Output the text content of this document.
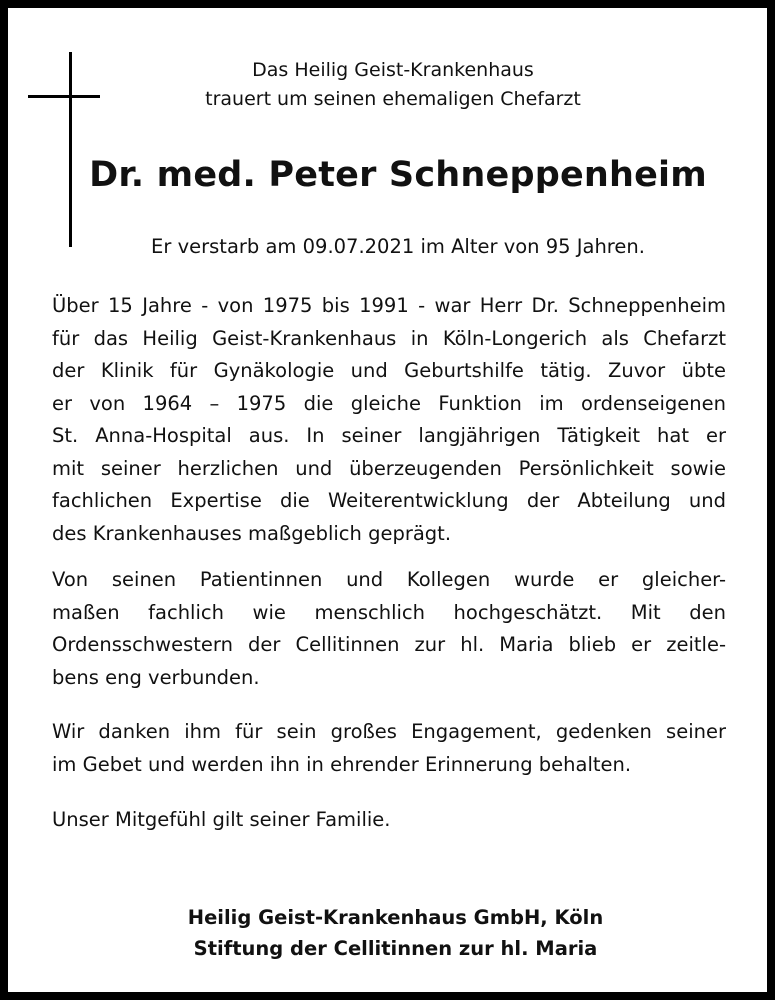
Das Heilig Geist-Krankenhaus
trauert um seinen ehemaligen Chefarzt
Dr. med. Peter Schneppenheim
Er verstarb am 09.07.2021 im Alter von 95 Jahren.
Über 15 Jahre - von 1975 bis 1991 - war Herr Dr. Schneppenheim
für das Heilig Geist-Krankenhaus in Köln-Longerich als Chefarzt
der Klinik für Gynäkologie und Geburtshilfe tätig. Zuvor übte
er von 1964 – 1975 die gleiche Funktion im ordenseigenen
St. Anna-Hospital aus. In seiner langjährigen Tätigkeit hat er
mit seiner herzlichen und überzeugenden Persönlichkeit sowie
fachlichen Expertise die Weiterentwicklung der Abteilung und
des Krankenhauses maßgeblich geprägt.
Von seinen Patientinnen und Kollegen wurde er gleicher-
maßen fachlich wie menschlich hochgeschätzt. Mit den
Ordensschwestern der Cellitinnen zur hl. Maria blieb er zeitle-
bens eng verbunden.
Wir danken ihm für sein großes Engagement, gedenken seiner
im Gebet und werden ihn in ehrender Erinnerung behalten.
Unser Mitgefühl gilt seiner Familie.
Heilig Geist-Krankenhaus GmbH, Köln
Stiftung der Cellitinnen zur hl. Maria
